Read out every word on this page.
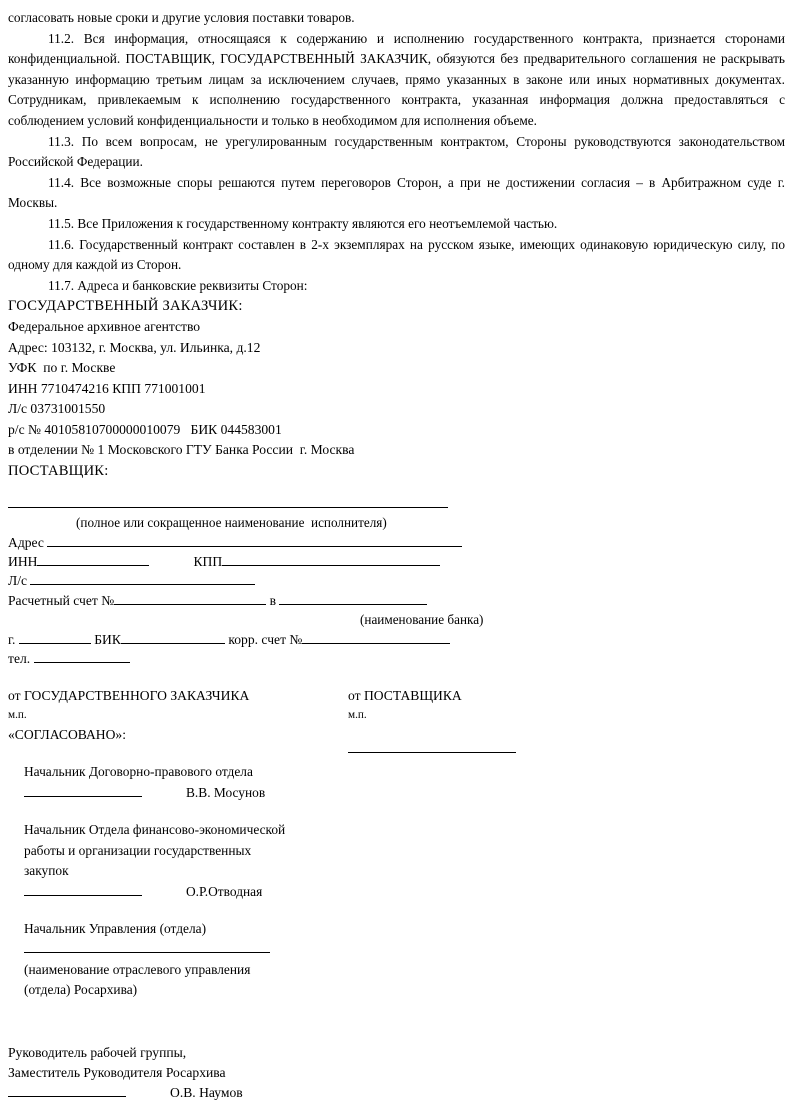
согласовать новые сроки и другие условия поставки товаров.

11.2. Вся информация, относящаяся к содержанию и исполнению государственного контракта, признается сторонами конфиденциальной. ПОСТАВЩИК, ГОСУДАРСТВЕННЫЙ ЗАКАЗЧИК, обязуются без предварительного соглашения не раскрывать указанную информацию третьим лицам за исключением случаев, прямо указанных в законе или иных нормативных документах. Сотрудникам, привлекаемым к исполнению государственного контракта, указанная информация должна предоставляться с соблюдением условий конфиденциальности и только в необходимом для исполнения объеме.

11.3. По всем вопросам, не урегулированным государственным контрактом, Стороны руководствуются законодательством Российской Федерации.

11.4. Все возможные споры решаются путем переговоров Сторон, а при не достижении согласия – в Арбитражном суде г. Москвы.

11.5. Все Приложения к государственному контракту являются его неотъемлемой частью.

11.6. Государственный контракт составлен в 2-х экземплярах на русском языке, имеющих одинаковую юридическую силу, по одному для каждой из Сторон.

11.7. Адреса и банковские реквизиты Сторон:

ГОСУДАРСТВЕННЫЙ ЗАКАЗЧИК:

Федеральное архивное агентство

Адрес: 103132, г. Москва, ул. Ильинка, д.12

УФК  по г. Москве

ИНН 7710474216 КПП 771001001

Л/с 03731001550

р/с № 40105810700000010079   БИК 044583001

в отделении № 1 Московского ГТУ Банка России  г. Москва

ПОСТАВЩИК:

(полное или сокращенное наименование  исполнителя)

Адрес

ИНН	КПП

Л/с

Расчетный счет №	в

(наименование банка)

г.	БИК	корр. счет №

тел.

от ГОСУДАРСТВЕННОГО ЗАКАЗЧИКА

м.п.

«СОГЛАСОВАНО»:

от ПОСТАВЩИКА

м.п.

Начальник Договорно-правового отдела

В.В. Мосунов

Начальник Отдела финансово-экономической

работы и организации государственных

закупок

О.Р.Отводная

Начальник Управления (отдела)

(наименование отраслевого управления

(отдела) Росархива)

Руководитель рабочей группы,

Заместитель Руководителя Росархива

О.В. Наумов
